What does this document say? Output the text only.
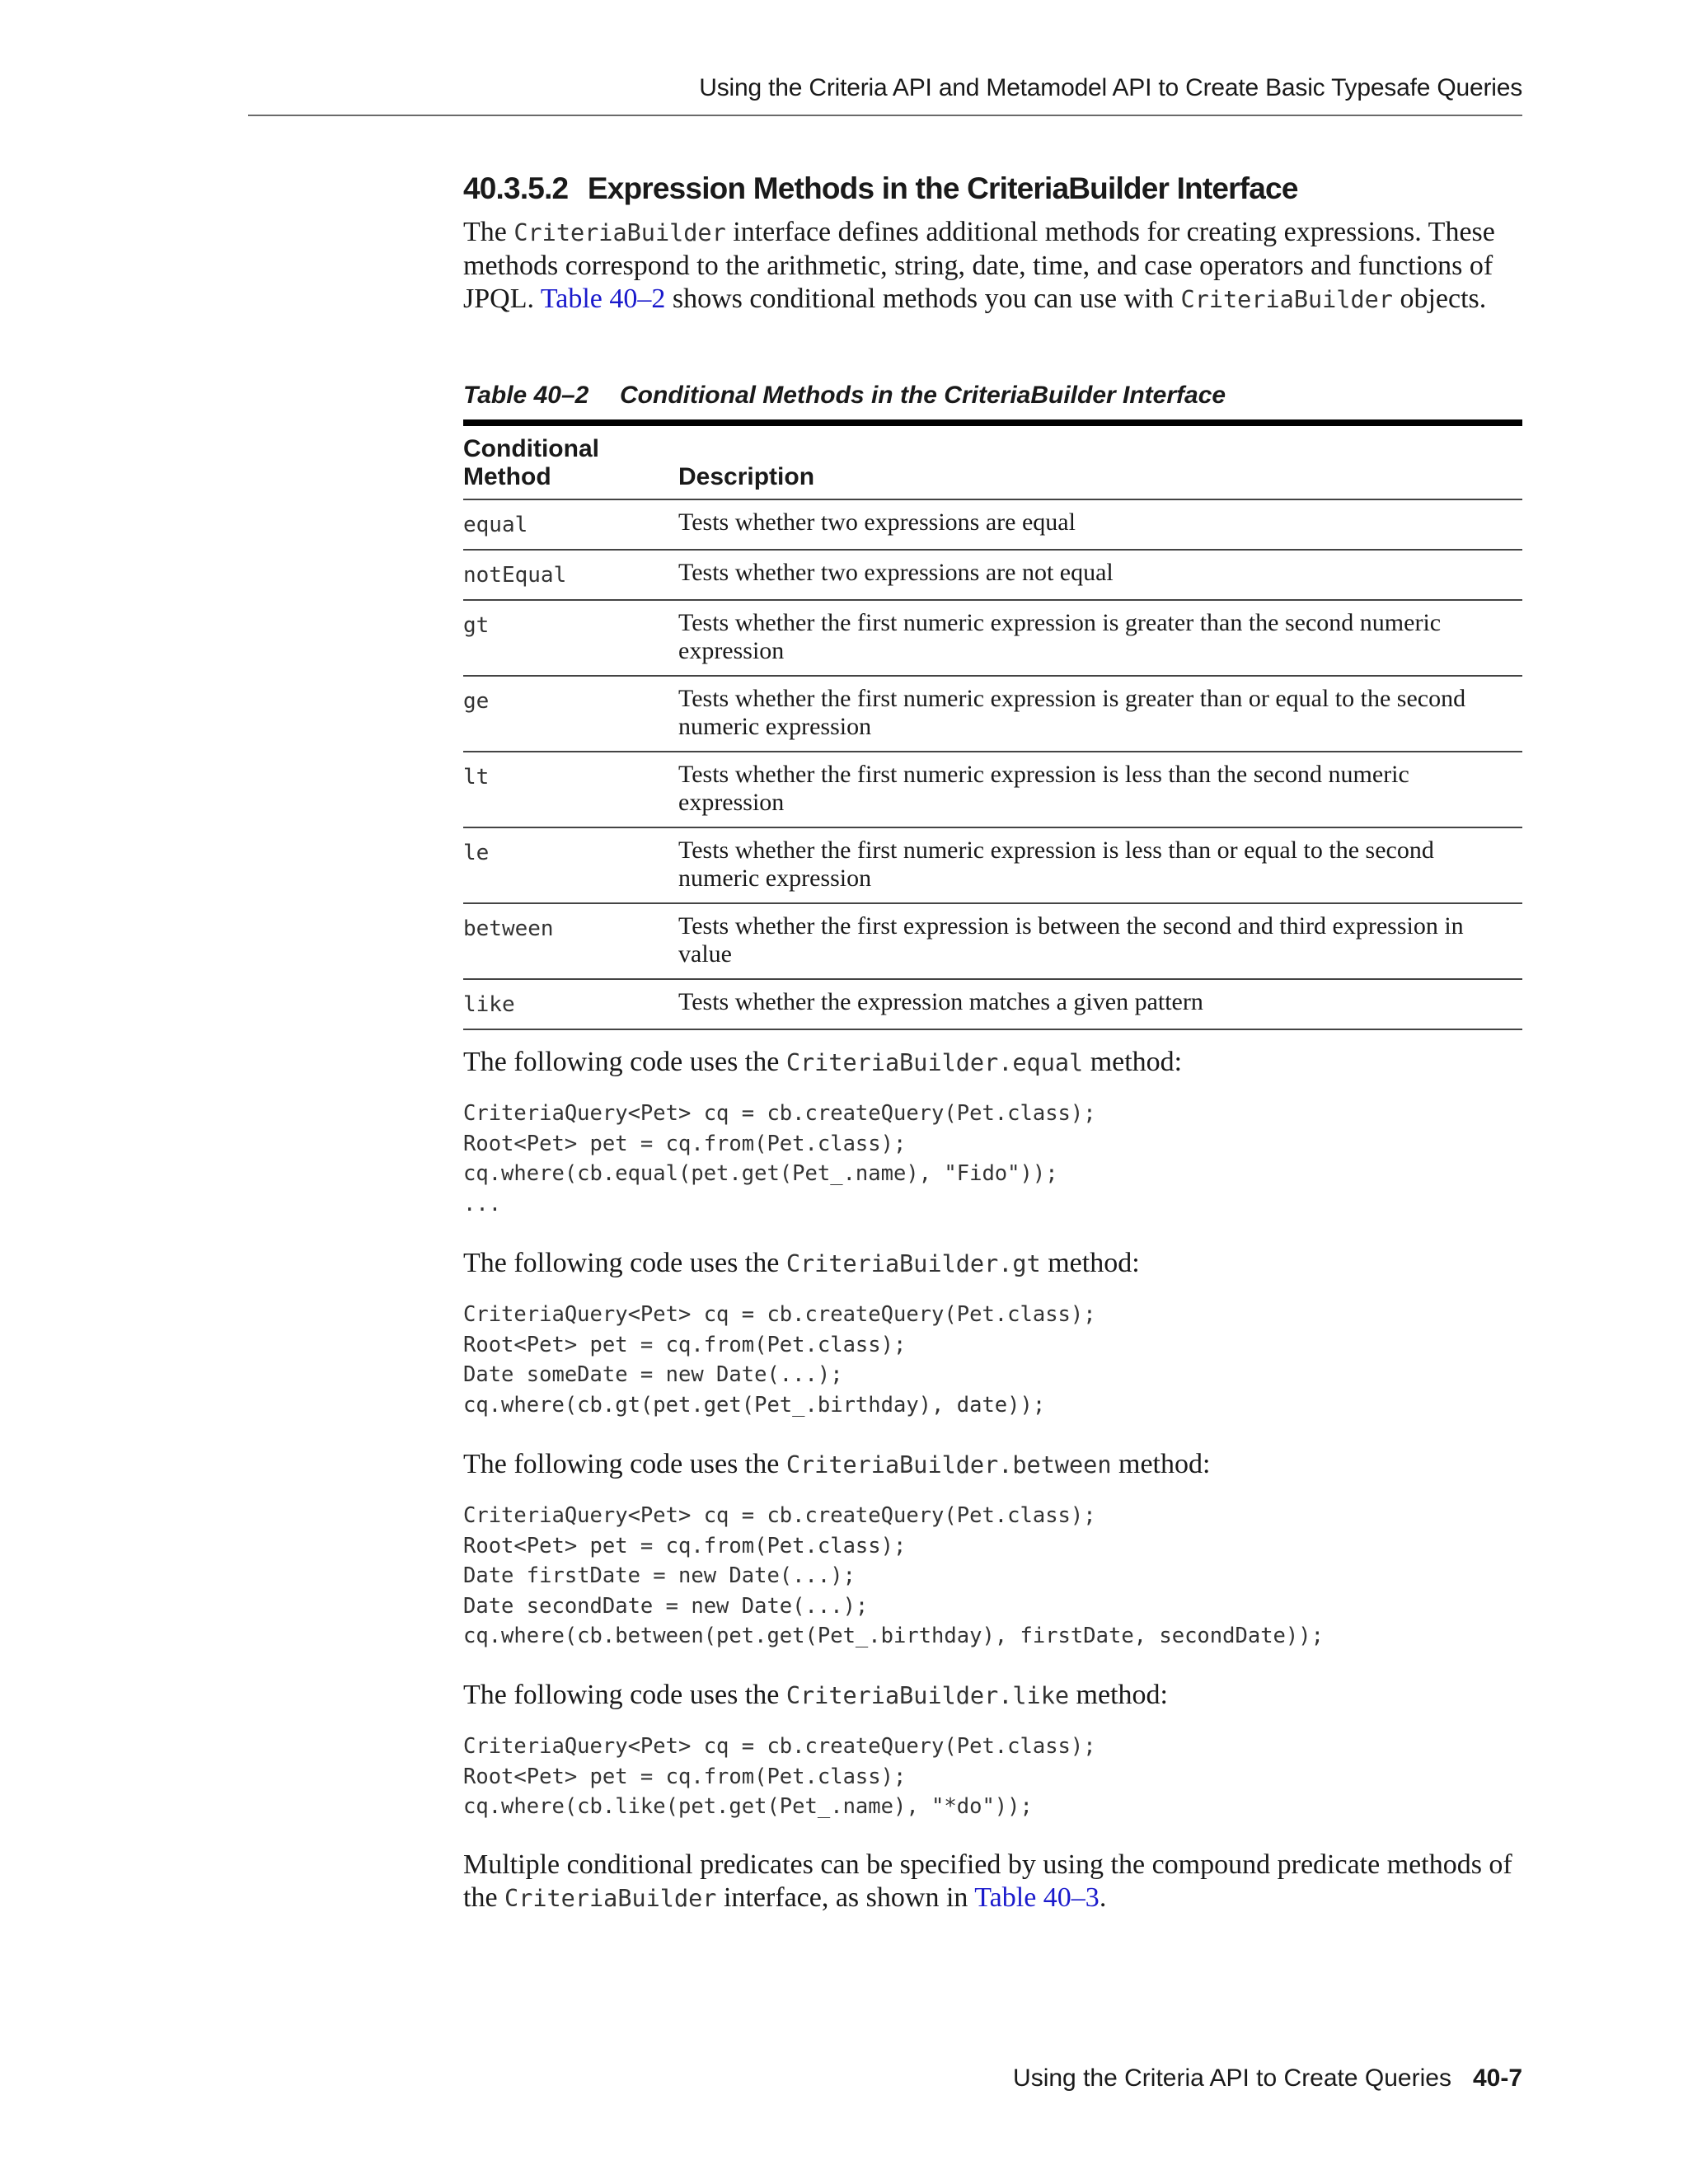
Using the Criteria API and Metamodel API to Create Basic Typesafe Queries
40.3.5.2 Expression Methods in the CriteriaBuilder Interface
The CriteriaBuilder interface defines additional methods for creating expressions. These methods correspond to the arithmetic, string, date, time, and case operators and functions of JPQL. Table 40–2 shows conditional methods you can use with CriteriaBuilder objects.
Table 40–2 Conditional Methods in the CriteriaBuilder Interface
Conditional Method	Description
equal	Tests whether two expressions are equal
notEqual	Tests whether two expressions are not equal
gt	Tests whether the first numeric expression is greater than the second numeric expression
ge	Tests whether the first numeric expression is greater than or equal to the second numeric expression
lt	Tests whether the first numeric expression is less than the second numeric expression
le	Tests whether the first numeric expression is less than or equal to the second numeric expression
between	Tests whether the first expression is between the second and third expression in value
like	Tests whether the expression matches a given pattern
The following code uses the CriteriaBuilder.equal method:
CriteriaQuery<Pet> cq = cb.createQuery(Pet.class);
Root<Pet> pet = cq.from(Pet.class);
cq.where(cb.equal(pet.get(Pet_.name), "Fido"));
...
The following code uses the CriteriaBuilder.gt method:
CriteriaQuery<Pet> cq = cb.createQuery(Pet.class);
Root<Pet> pet = cq.from(Pet.class);
Date someDate = new Date(...);
cq.where(cb.gt(pet.get(Pet_.birthday), date));
The following code uses the CriteriaBuilder.between method:
CriteriaQuery<Pet> cq = cb.createQuery(Pet.class);
Root<Pet> pet = cq.from(Pet.class);
Date firstDate = new Date(...);
Date secondDate = new Date(...);
cq.where(cb.between(pet.get(Pet_.birthday), firstDate, secondDate));
The following code uses the CriteriaBuilder.like method:
CriteriaQuery<Pet> cq = cb.createQuery(Pet.class);
Root<Pet> pet = cq.from(Pet.class);
cq.where(cb.like(pet.get(Pet_.name), "*do"));
Multiple conditional predicates can be specified by using the compound predicate methods of the CriteriaBuilder interface, as shown in Table 40–3.
Using the Criteria API to Create Queries 40-7
